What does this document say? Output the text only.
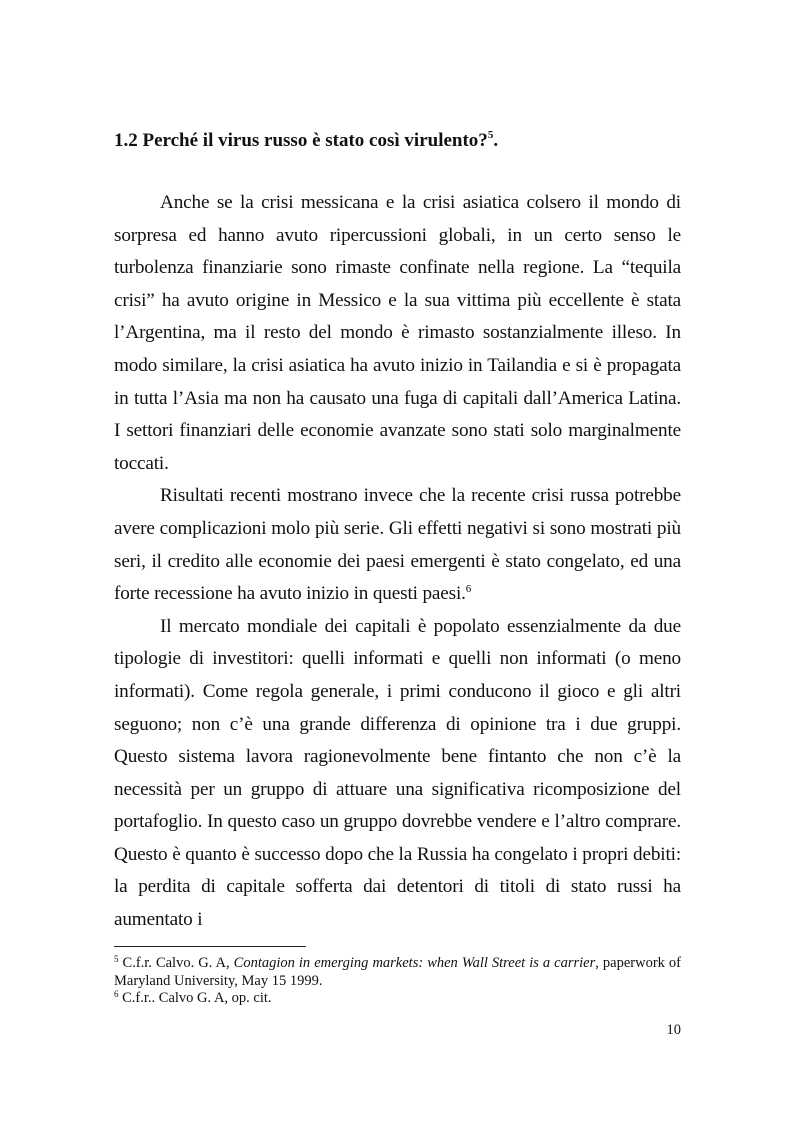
1.2 Perché il virus russo è stato così virulento?$^5$.

Anche se la crisi messicana e la crisi asiatica colsero il mondo di sorpresa ed hanno avuto ripercussioni globali, in un certo senso le turbolenza finanziarie sono rimaste confinate nella regione. La “tequila crisi” ha avuto origine in Messico e la sua vittima più eccellente è stata l’Argentina, ma il resto del mondo è rimasto sostanzialmente illeso. In modo similare, la crisi asiatica ha avuto inizio in Tailandia e si è propagata in tutta l’Asia ma non ha causato una fuga di capitali dall’America Latina. I settori finanziari delle economie avanzate sono stati solo marginalmente toccati.

Risultati recenti mostrano invece che la recente crisi russa potrebbe avere complicazioni molo più serie. Gli effetti negativi si sono mostrati più seri, il credito alle economie dei paesi emergenti è stato congelato, ed una forte recessione ha avuto inizio in questi paesi.$^6$

Il mercato mondiale dei capitali è popolato essenzialmente da due tipologie di investitori: quelli informati e quelli non informati (o meno informati). Come regola generale, i primi conducono il gioco e gli altri seguono; non c’è una grande differenza di opinione tra i due gruppi. Questo sistema lavora ragionevolmente bene fintanto che non c’è la necessità per un gruppo di attuare una significativa ricomposizione del portafoglio. In questo caso un gruppo dovrebbe vendere e l’altro comprare. Questo è quanto è successo dopo che la Russia ha congelato i propri debiti: la perdita di capitale sofferta dai detentori di titoli di stato russi ha aumentato i

$^5$ C.f.r. Calvo. G. A, Contagion in emerging markets: when Wall Street is a carrier, paperwork of Maryland University, May 15 1999.

$^6$ C.f.r.. Calvo G. A, op. cit.

10
